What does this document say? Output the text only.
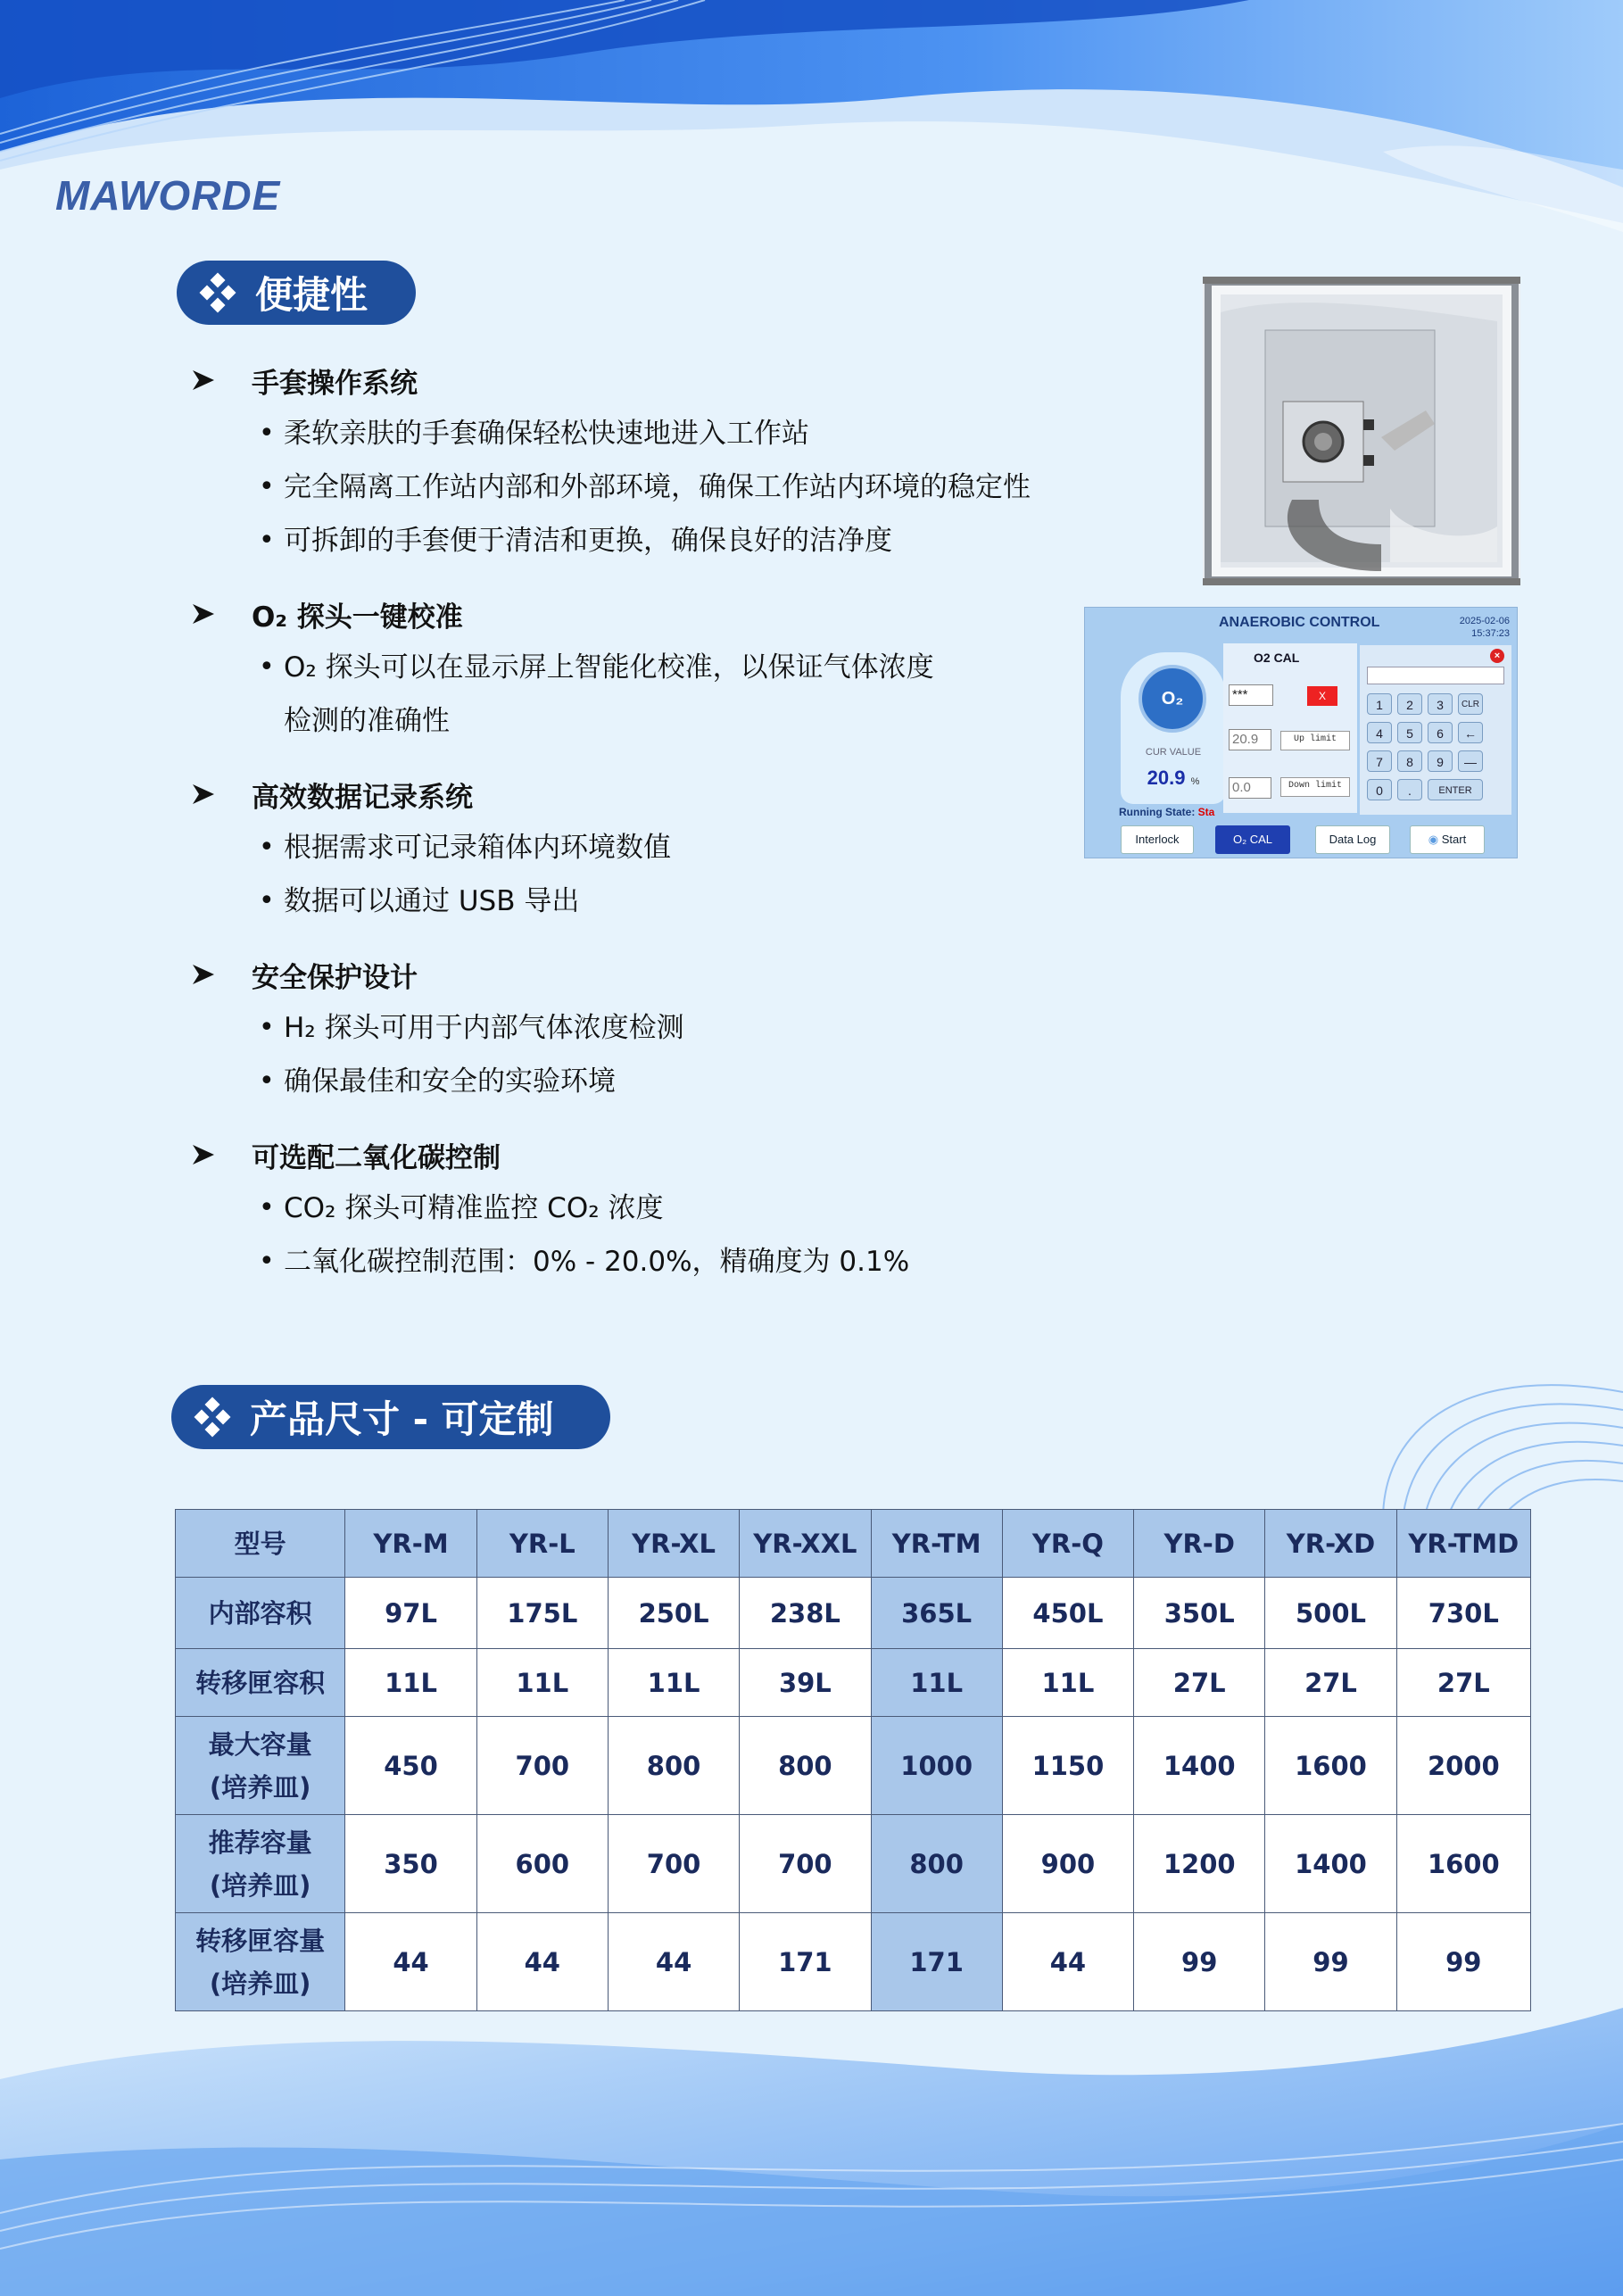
MAWORDE
便捷性
手套操作系统
• 柔软亲肤的手套确保轻松快速地进入工作站
• 完全隔离工作站内部和外部环境，确保工作站内环境的稳定性
• 可拆卸的手套便于清洁和更换，确保良好的洁净度
O₂ 探头一键校准
• O₂ 探头可以在显示屏上智能化校准，以保证气体浓度
检测的准确性
高效数据记录系统
• 根据需求可记录箱体内环境数值
• 数据可以通过 USB 导出
安全保护设计
• H₂ 探头可用于内部气体浓度检测
• 确保最佳和安全的实验环境
可选配二氧化碳控制
• CO₂ 探头可精准监控 CO₂ 浓度
• 二氧化碳控制范围：0% - 20.0%，精确度为 0.1%
ANAEROBIC CONTROL	2025-02-06
15:37:23
O₂
CUR VALUE
20.9 %
Running State: Sta
O2 CAL
***	X
20.9	Up limit
0.0	Down limit
×
1	2	3	CLR
4	5	6	←
7	8	9	—
0	.	ENTER
Interlock	O₂ CAL	Data Log	◉ Start
产品尺寸 - 可定制
型号	YR-M	YR-L	YR-XL	YR-XXL	YR-TM	YR-Q	YR-D	YR-XD	YR-TMD
内部容积	97L	175L	250L	238L	365L	450L	350L	500L	730L
转移匣容积	11L	11L	11L	39L	11L	11L	27L	27L	27L
最大容量
(培养皿)	450	700	800	800	1000	1150	1400	1600	2000
推荐容量
(培养皿)	350	600	700	700	800	900	1200	1400	1600
转移匣容量
(培养皿)	44	44	44	171	171	44	99	99	99
